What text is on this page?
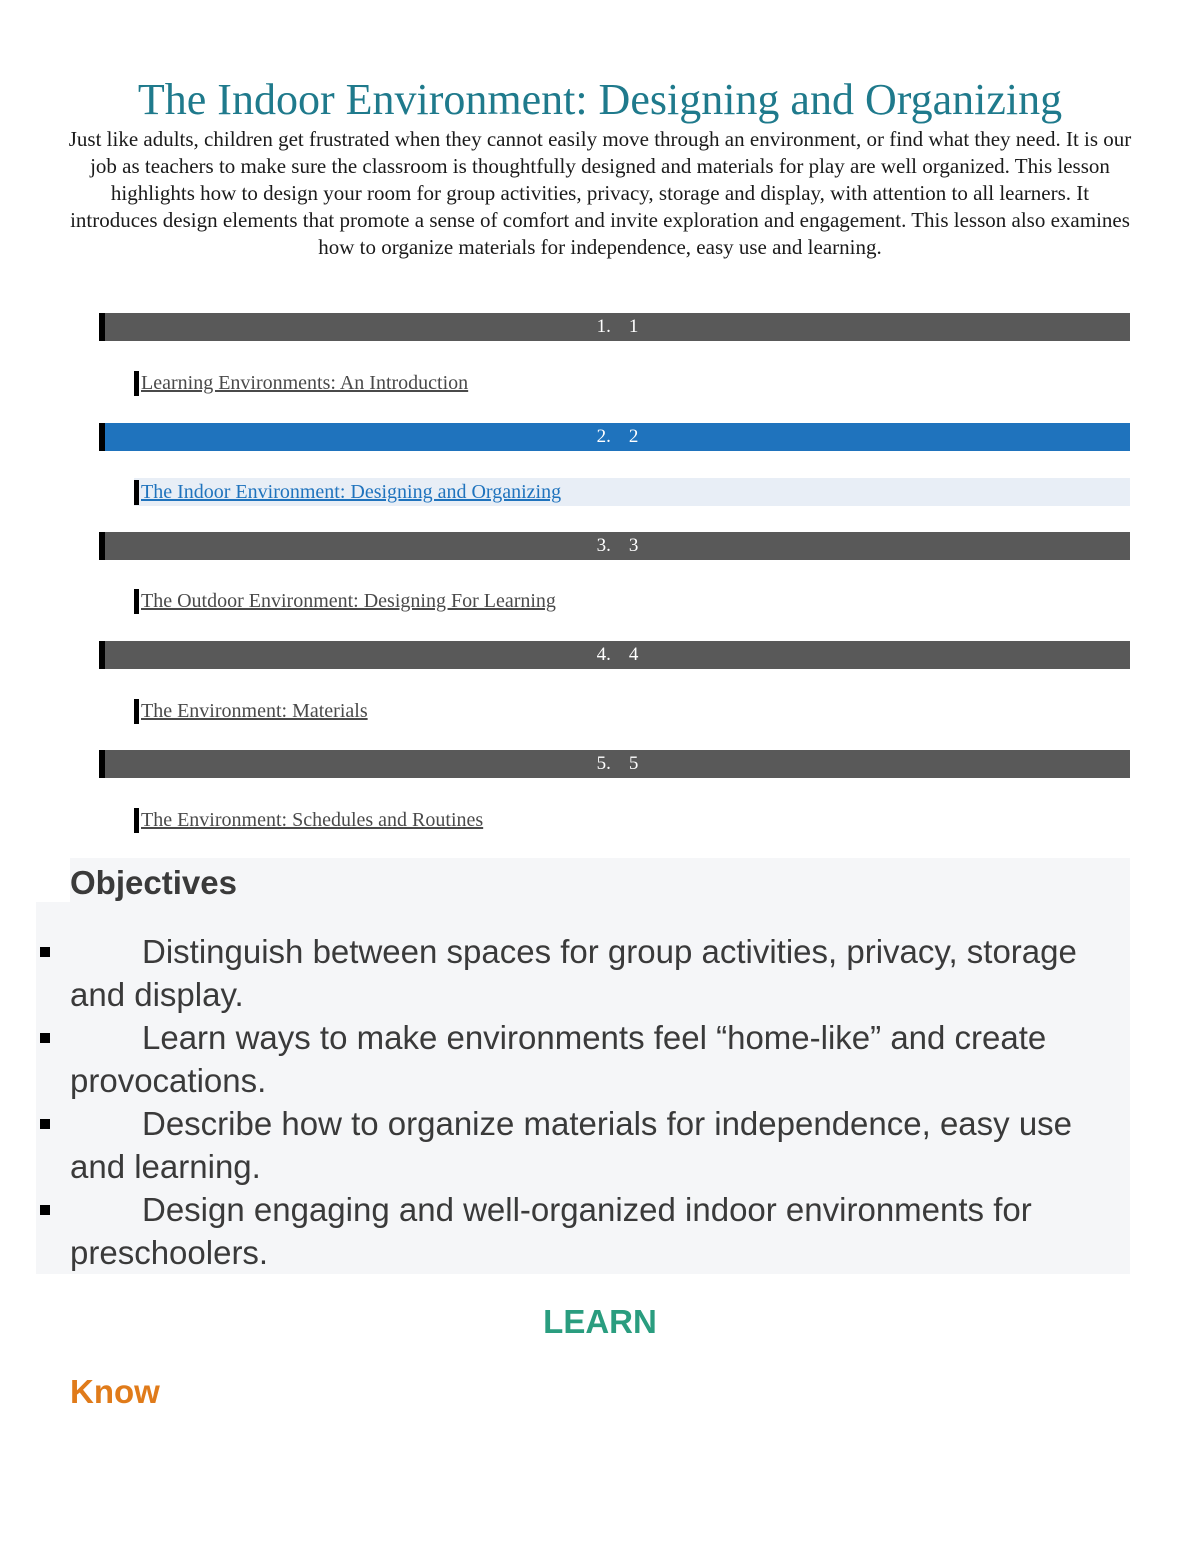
The Indoor Environment: Designing and Organizing

Just like adults, children get frustrated when they cannot easily move through an environment, or find what they need. It is our job as teachers to make sure the classroom is thoughtfully designed and materials for play are well organized. This lesson highlights how to design your room for group activities, privacy, storage and display, with attention to all learners. It introduces design elements that promote a sense of comfort and invite exploration and engagement. This lesson also examines how to organize materials for independence, easy use and learning.

1. 1
Learning Environments: An Introduction
2. 2
The Indoor Environment: Designing and Organizing
3. 3
The Outdoor Environment: Designing For Learning
4. 4
The Environment: Materials
5. 5
The Environment: Schedules and Routines
Objectives
Distinguish between spaces for group activities, privacy, storage and display.
Learn ways to make environments feel “home-like” and create provocations.
Describe how to organize materials for independence, easy use and learning.
Design engaging and well-organized indoor environments for preschoolers.
LEARN
Know
